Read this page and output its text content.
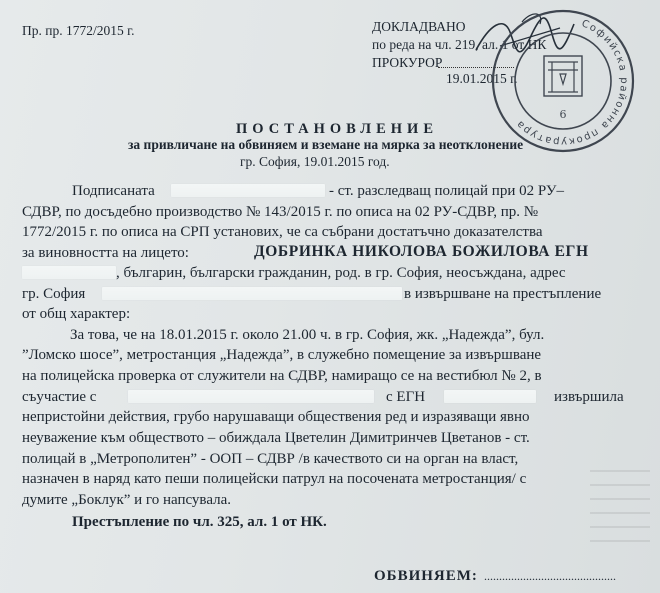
Пр. пр. 1772/2015 г.	ДОКЛАДВАНО
по реда на чл. 219, ал. 1 от НК
ПРОКУРОР
19.01.2015 г.
Софийска районна прокуратура
6
ПОСТАНОВЛЕНИЕ
за привличане на обвиняем и вземане на мярка за неотклонение
гр. София, 19.01.2015 год.
Подписаната	- ст. разследващ полицай при 02 РУ–
СДВР, по досъдебно производство № 143/2015 г. по описа на 02 РУ-СДВР, пр. №
1772/2015 г. по описа на СРП установих, че са събрани достатъчно доказателства
за виновността на лицето:	ДОБРИНКА НИКОЛОВА БОЖИЛОВА ЕГН
, българин, български гражданин, род. в гр. София, неосъждана, адрес
гр. София	в извършване на престъпление
от общ характер:
За това, че на 18.01.2015 г. около 21.00 ч. в гр. София, жк. „Надежда”, бул.
”Ломско шосе”, метростанция „Надежда”, в служебно помещение за извършване
на полицейска проверка от служители на СДВР, намиращо се на вестибюл № 2, в
съучастие с	с ЕГН	извършила
непристойни действия, грубо нарушаващи обществения ред и изразяващи явно
неуважение към обществото – обиждала Цветелин Димитринчев Цветанов - ст.
полицай в „Метрополитен” - ООП – СДВР /в качеството си на орган на власт,
назначен в наряд като пеши полицейски патрул на посочената метростанция/ с
думите „Боклук” и го напсувала.
Престъпление по чл. 325, ал. 1 от НК.
ОБВИНЯЕМ: ............................................
